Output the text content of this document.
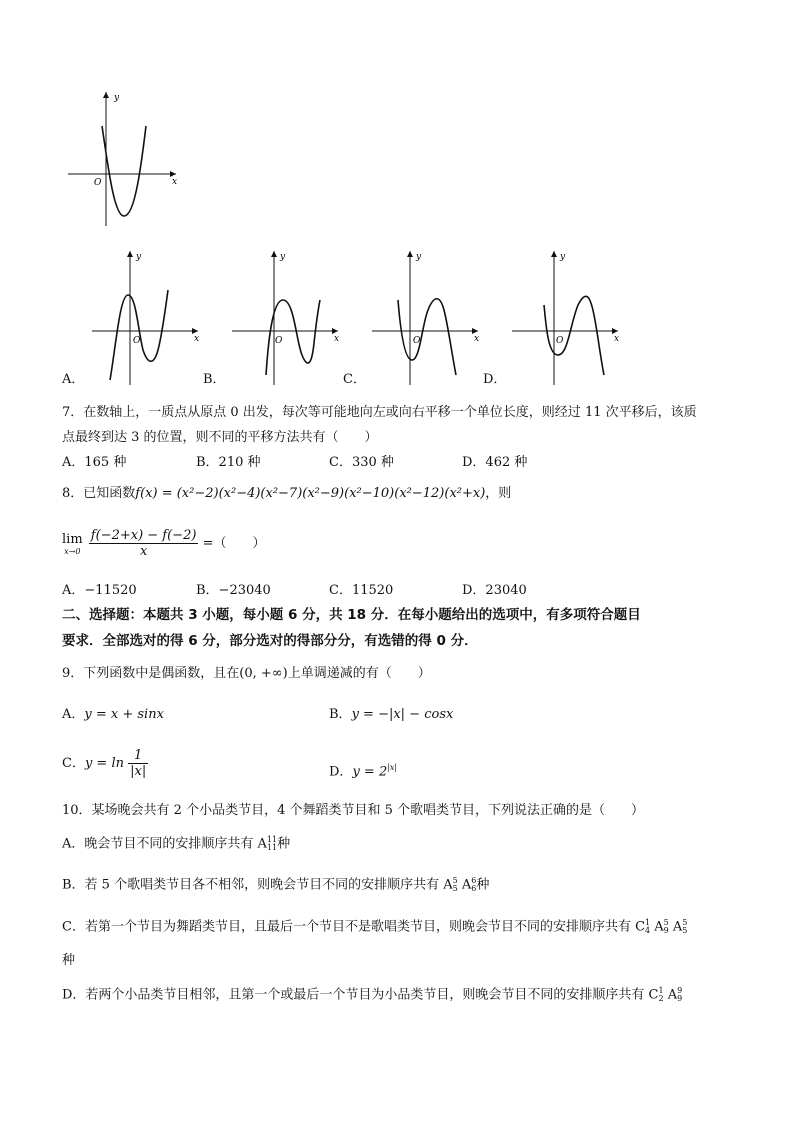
y
x
O
y
x
O
A．
y
x
O
B．
y
x
O
C．
y
x
O
D．
7．在数轴上，一质点从原点 0 出发，每次等可能地向左或向右平移一个单位长度，则经过 11 次平移后，该质
点最终到达 3 的位置，则不同的平移方法共有（　　）
A．165 种	B．210 种	C．330 种	D．462 种
8．已知函数f(x) = (x²−2)(x²−4)(x²−7)(x²−9)(x²−10)(x²−12)(x²+x)，则
lim
x→0
$\frac{f(-2+x) - f(-2)}{x}$ =（　　）
A．−11520	B．−23040	C．11520	D．23040
二、选择题：本题共 3 小题，每小题 6 分，共 18 分．在每小题给出的选项中，有多项符合题目
要求．全部选对的得 6 分，部分选对的得部分分，有选错的得 0 分．
9．下列函数中是偶函数，且在(0, +∞)上单调递减的有（　　）
A．y = x + sinx	B．y = −|x| − cosx
C．$y = \ln \frac{1}{|x|}$	D．$y = 2^{|x|}$
10．某场晚会共有 2 个小品类节目，4 个舞蹈类节目和 5 个歌唱类节目，下列说法正确的是（　　）
A．晚会节目不同的安排顺序共有 A 11
11 种
B．若 5 个歌唱类节目各不相邻，则晚会节目不同的安排顺序共有 A 5
5 A 6
6 种
C．若第一个节目为舞蹈类节目，且最后一个节目不是歌唱类节目，则晚会节目不同的安排顺序共有 C 1
4 A 5
9 A 5
5
种
D．若两个小品类节目相邻，且第一个或最后一个节目为小品类节目，则晚会节目不同的安排顺序共有 C 1
2 A 9
9
